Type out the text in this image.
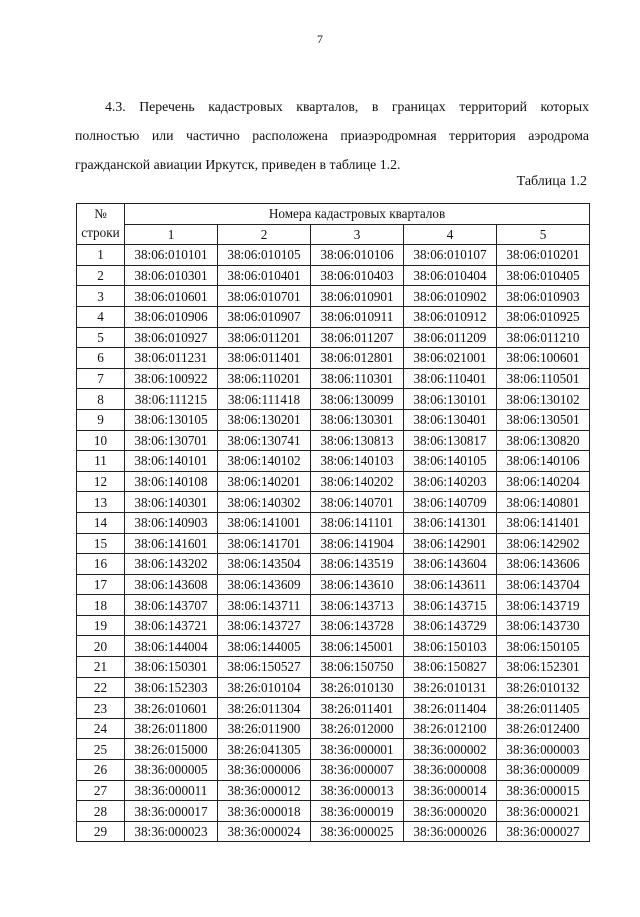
7
4.3. Перечень кадастровых кварталов, в границах территорий которых
полностью или частично расположена приаэродромная территория аэродрома
гражданской авиации Иркутск, приведен в таблице 1.2.
Таблица 1.2
№
строки	Номера кадастровых кварталов				
	1	2	3	4	5
1	38:06:010101	38:06:010105	38:06:010106	38:06:010107	38:06:010201
2	38:06:010301	38:06:010401	38:06:010403	38:06:010404	38:06:010405
3	38:06:010601	38:06:010701	38:06:010901	38:06:010902	38:06:010903
4	38:06:010906	38:06:010907	38:06:010911	38:06:010912	38:06:010925
5	38:06:010927	38:06:011201	38:06:011207	38:06:011209	38:06:011210
6	38:06:011231	38:06:011401	38:06:012801	38:06:021001	38:06:100601
7	38:06:100922	38:06:110201	38:06:110301	38:06:110401	38:06:110501
8	38:06:111215	38:06:111418	38:06:130099	38:06:130101	38:06:130102
9	38:06:130105	38:06:130201	38:06:130301	38:06:130401	38:06:130501
10	38:06:130701	38:06:130741	38:06:130813	38:06:130817	38:06:130820
11	38:06:140101	38:06:140102	38:06:140103	38:06:140105	38:06:140106
12	38:06:140108	38:06:140201	38:06:140202	38:06:140203	38:06:140204
13	38:06:140301	38:06:140302	38:06:140701	38:06:140709	38:06:140801
14	38:06:140903	38:06:141001	38:06:141101	38:06:141301	38:06:141401
15	38:06:141601	38:06:141701	38:06:141904	38:06:142901	38:06:142902
16	38:06:143202	38:06:143504	38:06:143519	38:06:143604	38:06:143606
17	38:06:143608	38:06:143609	38:06:143610	38:06:143611	38:06:143704
18	38:06:143707	38:06:143711	38:06:143713	38:06:143715	38:06:143719
19	38:06:143721	38:06:143727	38:06:143728	38:06:143729	38:06:143730
20	38:06:144004	38:06:144005	38:06:145001	38:06:150103	38:06:150105
21	38:06:150301	38:06:150527	38:06:150750	38:06:150827	38:06:152301
22	38:06:152303	38:26:010104	38:26:010130	38:26:010131	38:26:010132
23	38:26:010601	38:26:011304	38:26:011401	38:26:011404	38:26:011405
24	38:26:011800	38:26:011900	38:26:012000	38:26:012100	38:26:012400
25	38:26:015000	38:26:041305	38:36:000001	38:36:000002	38:36:000003
26	38:36:000005	38:36:000006	38:36:000007	38:36:000008	38:36:000009
27	38:36:000011	38:36:000012	38:36:000013	38:36:000014	38:36:000015
28	38:36:000017	38:36:000018	38:36:000019	38:36:000020	38:36:000021
29	38:36:000023	38:36:000024	38:36:000025	38:36:000026	38:36:000027
